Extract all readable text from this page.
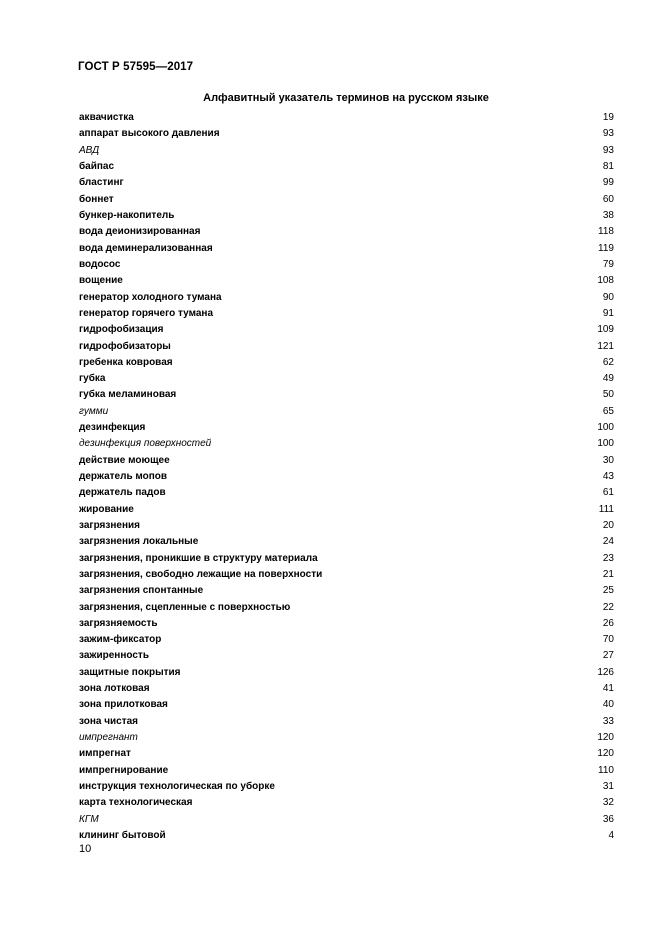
ГОСТ Р 57595—2017
Алфавитный указатель терминов на русском языке
аквачистка	19
аппарат высокого давления	93
АВД	93
байпас	81
бластинг	99
боннет	60
бункер-накопитель	38
вода деионизированная	118
вода деминерализованная	119
водосос	79
вощение	108
генератор холодного тумана	90
генератор горячего тумана	91
гидрофобизация	109
гидрофобизаторы	121
гребенка ковровая	62
губка	49
губка меламиновая	50
гумми	65
дезинфекция	100
дезинфекция поверхностей	100
действие моющее	30
держатель мопов	43
держатель падов	61
жирование	111
загрязнения	20
загрязнения локальные	24
загрязнения, проникшие в структуру материала	23
загрязнения, свободно лежащие на поверхности	21
загрязнения спонтанные	25
загрязнения, сцепленные с поверхностью	22
загрязняемость	26
зажим-фиксатор	70
зажиренность	27
защитные покрытия	126
зона лотковая	41
зона прилотковая	40
зона чистая	33
импрегнант	120
импрегнат	120
импрегнирование	110
инструкция технологическая по уборке	31
карта технологическая	32
КГМ	36
клининг бытовой	4
10
